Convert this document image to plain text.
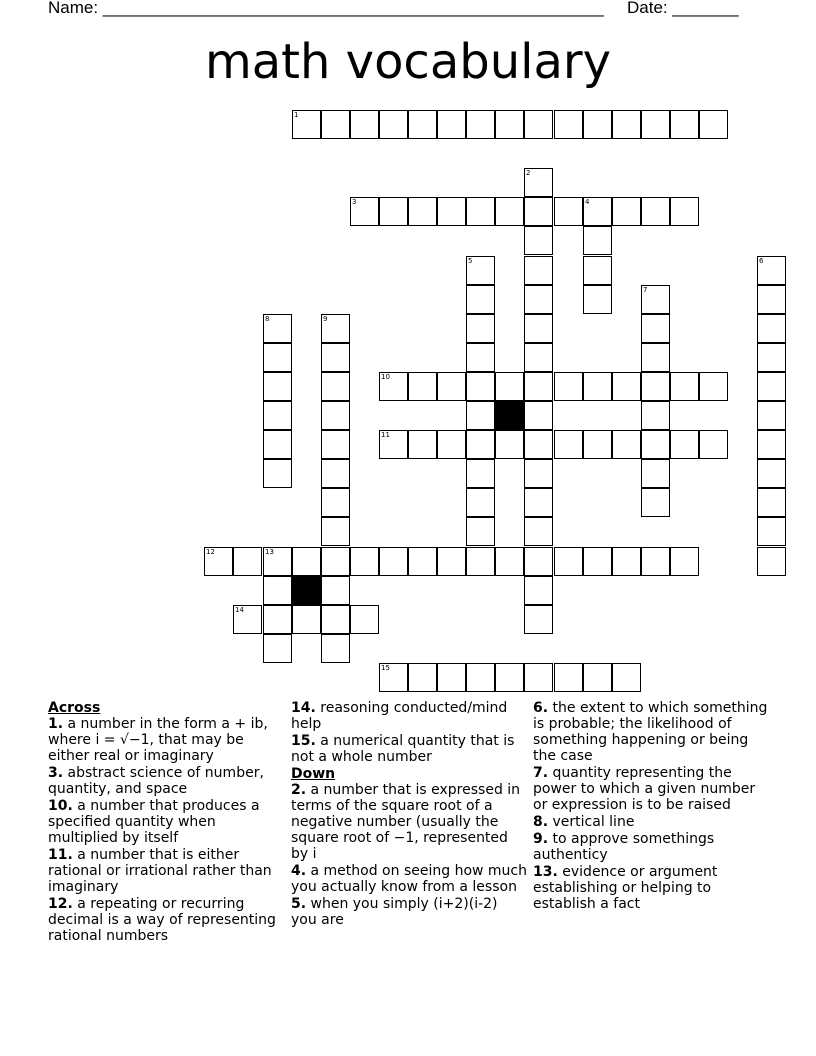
Name: _____________________________________________________ Date: _______
math vocabulary
1
2
3	4
5	6
7
8	9
10
11
12	13
14
15
Across
1. a number in the form a + ib, where i = √−1, that may be either real or imaginary
3. abstract science of number, quantity, and space
10. a number that produces a specified quantity when multiplied by itself
11. a number that is either rational or irrational rather than imaginary
12. a repeating or recurring decimal is a way of representing rational numbers
14. reasoning conducted/mind help
15. a numerical quantity that is not a whole number
Down
2. a number that is expressed in terms of the square root of a negative number (usually the square root of −1, represented by i
4. a method on seeing how much you actually know from a lesson
5. when you simply (i+2)(i-2) you are
6. the extent to which something is probable; the likelihood of something happening or being the case
7. quantity representing the power to which a given number or expression is to be raised
8. vertical line
9. to approve somethings authenticy
13. evidence or argument establishing or helping to establish a fact
